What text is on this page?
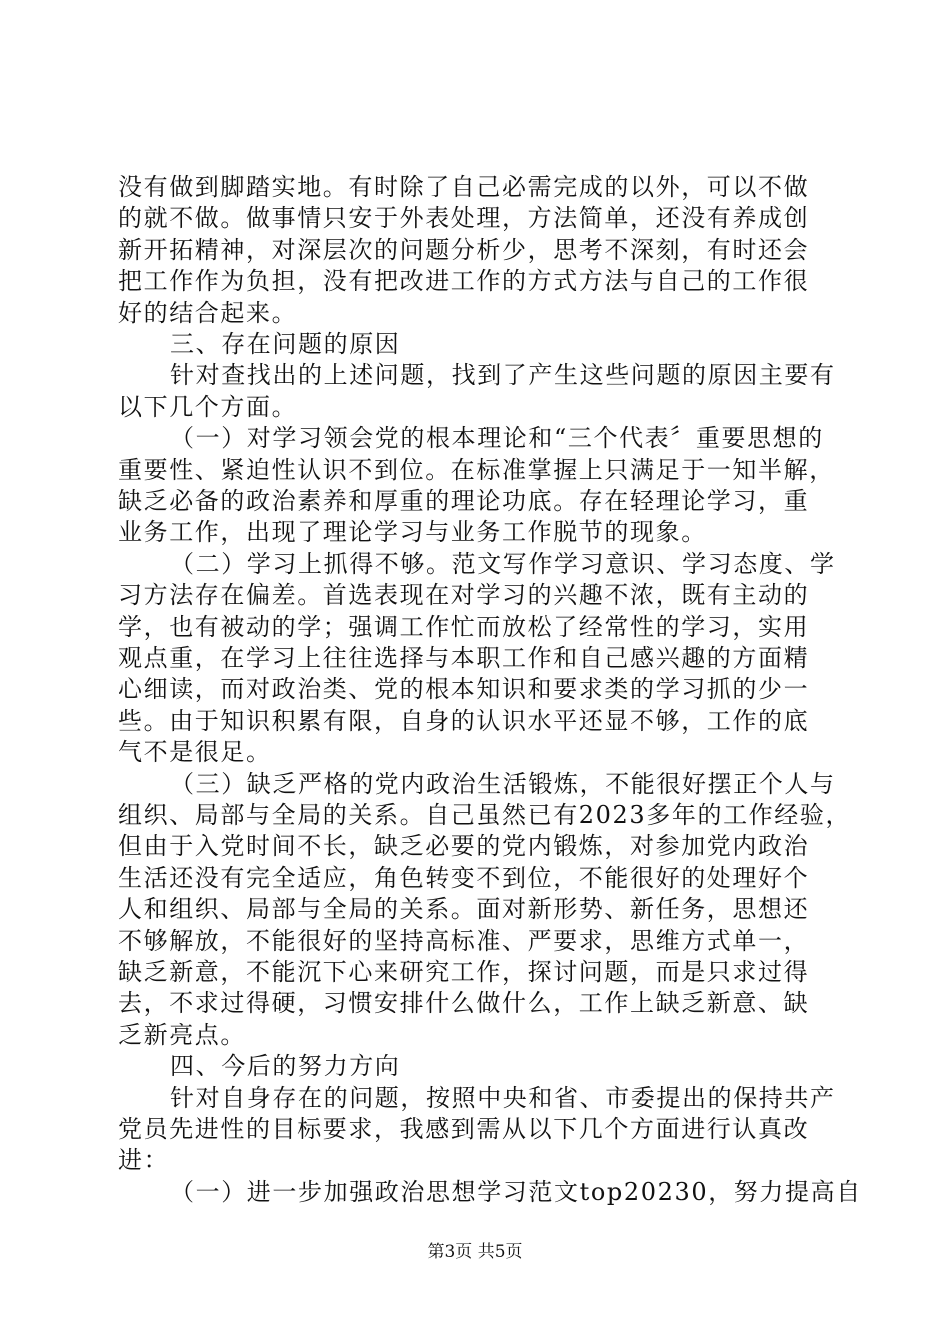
没有做到脚踏实地。有时除了自己必需完成的以外，可以不做
的就不做。做事情只安于外表处理，方法简单，还没有养成创
新开拓精神，对深层次的问题分析少，思考不深刻，有时还会
把工作作为负担，没有把改进工作的方式方法与自己的工作很
好的结合起来。
三、存在问题的原因
针对查找出的上述问题，找到了产生这些问题的原因主要有
以下几个方面。
（一）对学习领会党的根本理论和“三个代表〞重要思想的
重要性、紧迫性认识不到位。在标准掌握上只满足于一知半解，
缺乏必备的政治素养和厚重的理论功底。存在轻理论学习，重
业务工作，出现了理论学习与业务工作脱节的现象。
（二）学习上抓得不够。范文写作学习意识、学习态度、学
习方法存在偏差。首选表现在对学习的兴趣不浓，既有主动的
学，也有被动的学；强调工作忙而放松了经常性的学习，实用
观点重，在学习上往往选择与本职工作和自己感兴趣的方面精
心细读，而对政治类、党的根本知识和要求类的学习抓的少一
些。由于知识积累有限，自身的认识水平还显不够，工作的底
气不是很足。
（三）缺乏严格的党内政治生活锻炼，不能很好摆正个人与
组织、局部与全局的关系。自己虽然已有2023多年的工作经验，
但由于入党时间不长，缺乏必要的党内锻炼，对参加党内政治
生活还没有完全适应，角色转变不到位，不能很好的处理好个
人和组织、局部与全局的关系。面对新形势、新任务，思想还
不够解放，不能很好的坚持高标准、严要求，思维方式单一，
缺乏新意，不能沉下心来研究工作，探讨问题，而是只求过得
去，不求过得硬，习惯安排什么做什么，工作上缺乏新意、缺
乏新亮点。
四、今后的努力方向
针对自身存在的问题，按照中央和省、市委提出的保持共产
党员先进性的目标要求，我感到需从以下几个方面进行认真改
进：
（一）进一步加强政治思想学习范文top20230，努力提高自
第3页 共5页
